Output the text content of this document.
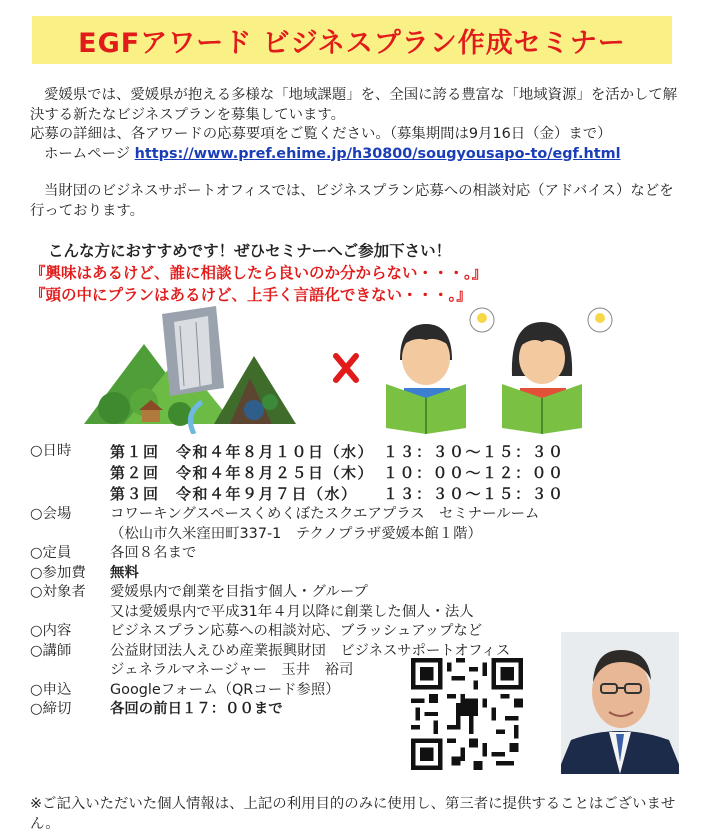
EGFアワード ビジネスプラン作成セミナー
愛媛県では、愛媛県が抱える多様な「地域課題」を、全国に誇る豊富な「地域資源」を活かして解決する新たなビジネスプランを募集しています。
応募の詳細は、各アワードの応募要項をご覧ください。（募集期間は9月16日（金）まで）
ホームページ https://www.pref.ehime.jp/h30800/sougyousapo-to/egf.html
当財団のビジネスサポートオフィスでは、ビジネスプラン応募への相談対応（アドバイス）などを行っております。
こんな方におすすめです！ぜひセミナーへご参加下さい！
『興味はあるけど、誰に相談したら良いのか分からない・・・。』
『頭の中にプランはあるけど、上手く言語化できない・・・。』
○日時	第１回　令和４年８月１０日（水）　１３：３０～１５：３０
第２回　令和４年８月２５日（木）　１０：００～１２：００
第３回　令和４年９月７日（水）　　１３：３０～１５：３０
○会場	コワーキングスペースくめくぼたスクエアプラス　セミナールーム
（松山市久米窪田町337-1　テクノプラザ愛媛本館１階）
○定員	各回８名まで
○参加費	無料
○対象者	愛媛県内で創業を目指す個人・グループ
又は愛媛県内で平成31年４月以降に創業した個人・法人
○内容	ビジネスプラン応募への相談対応、ブラッシュアップなど
○講師	公益財団法人えひめ産業振興財団　ビジネスサポートオフィス
ジェネラルマネージャー　玉井　裕司
○申込	Googleフォーム（QRコード参照）
○締切	各回の前日１７：００まで
※ご記入いただいた個人情報は、上記の利用目的のみに使用し、第三者に提供することはございません。
